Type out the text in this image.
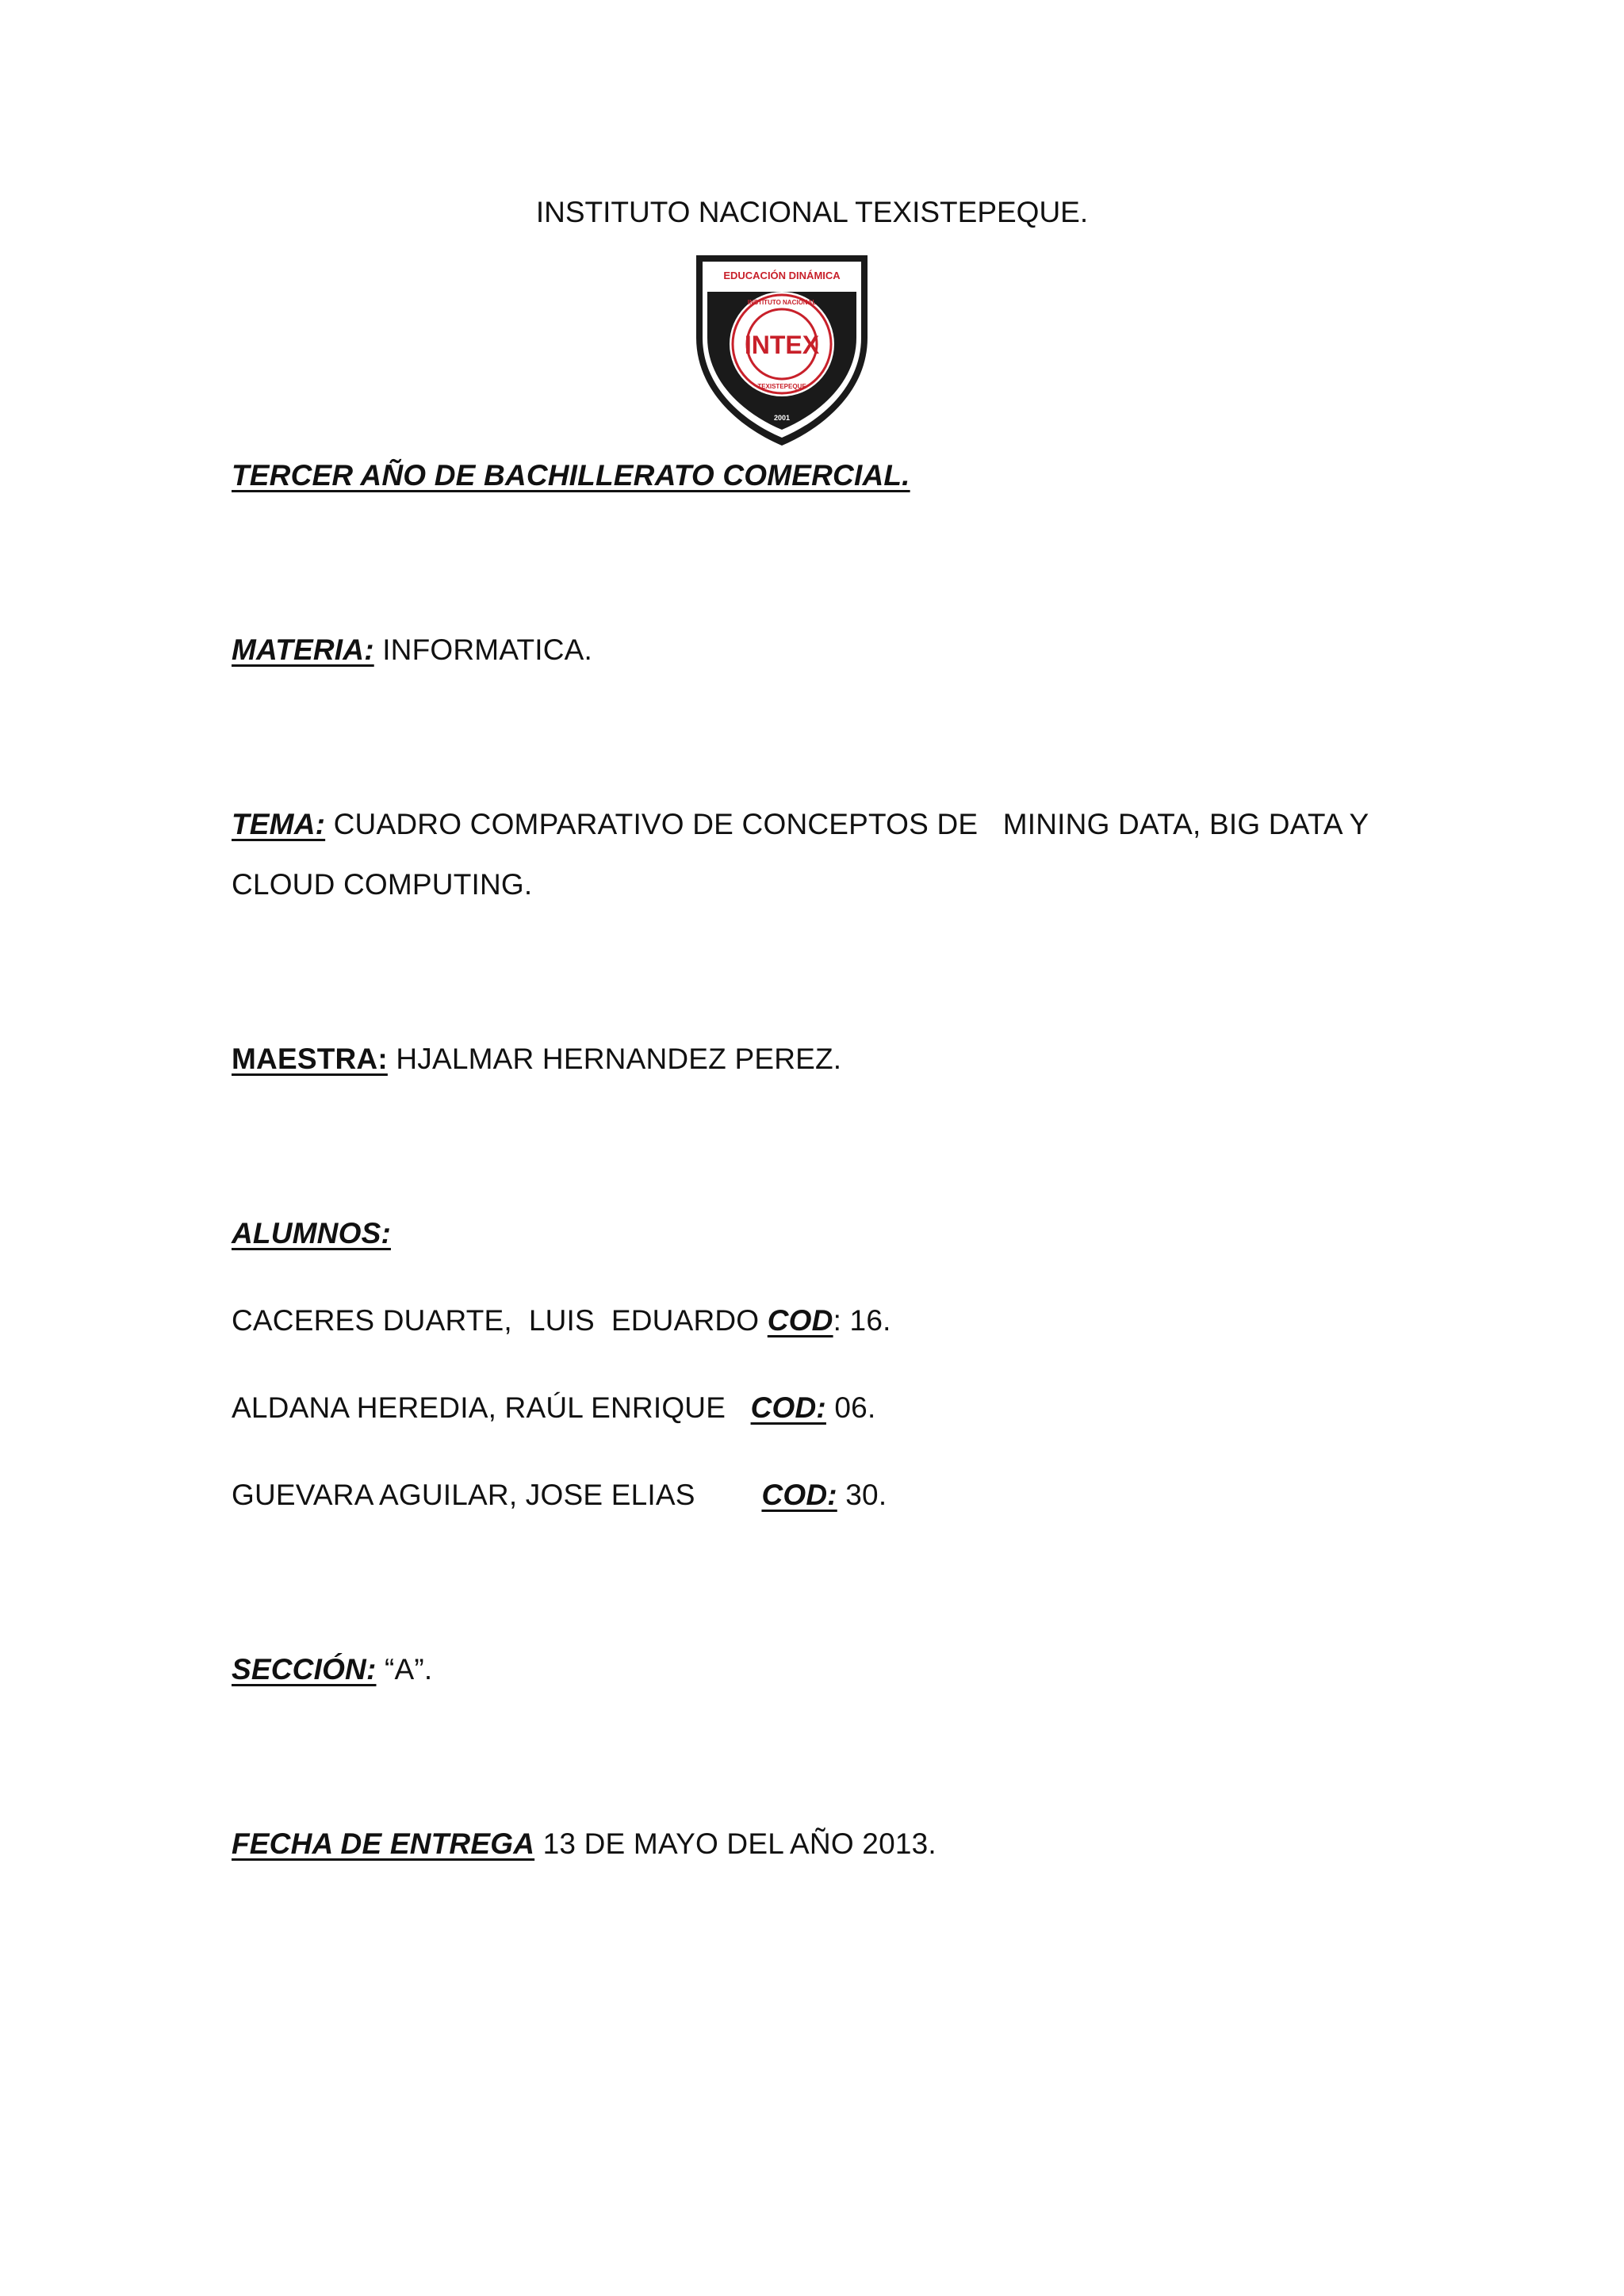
INSTITUTO NACIONAL TEXISTEPEQUE.
EDUCACIÓN DINÁMICA
INTEX
INSTITUTO NACIONAL
TEXISTEPEQUE
2001
TERCER AÑO DE BACHILLERATO COMERCIAL.
MATERIA: INFORMATICA.
TEMA: CUADRO COMPARATIVO DE CONCEPTOS DE   MINING DATA, BIG DATA Y
CLOUD COMPUTING.
MAESTRA: HJALMAR HERNANDEZ PEREZ.
ALUMNOS:
CACERES DUARTE,  LUIS  EDUARDO COD: 16.
ALDANA HEREDIA, RAÚL ENRIQUE   COD: 06.
GUEVARA AGUILAR, JOSE ELIAS        COD: 30.
SECCIÓN: “A”.
FECHA DE ENTREGA 13 DE MAYO DEL AÑO 2013.
